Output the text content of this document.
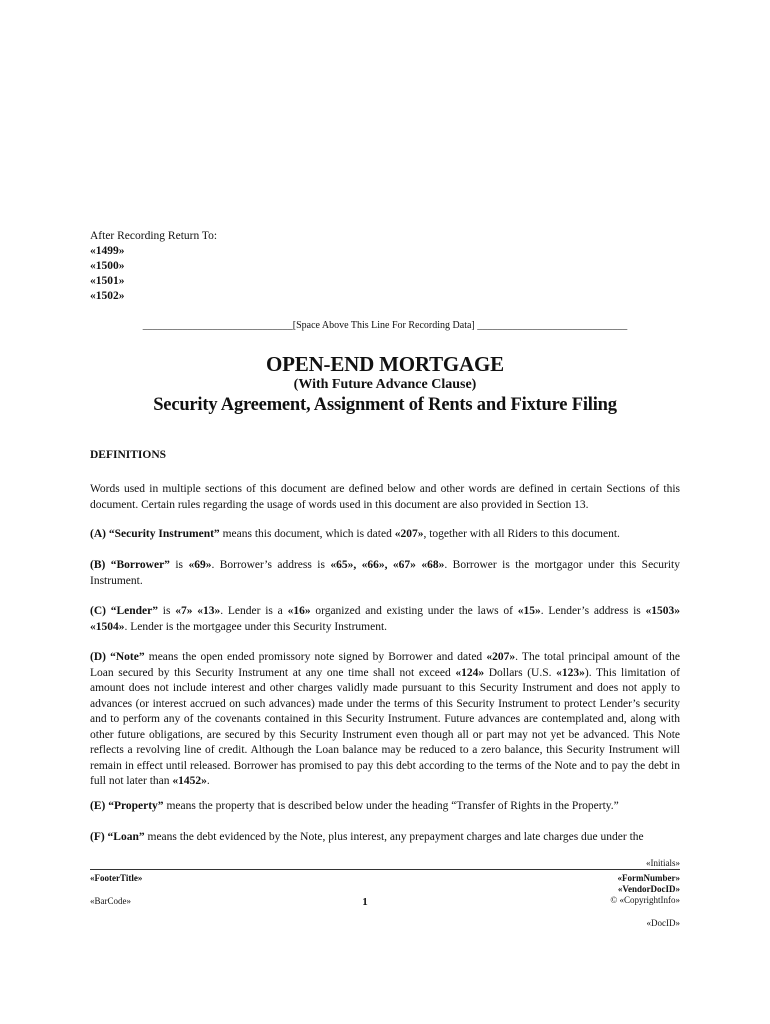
After Recording Return To:
«1499»
«1500»
«1501»
«1502»
______________________________[Space Above This Line For Recording Data] ______________________________
OPEN-END MORTGAGE
(With Future Advance Clause)
Security Agreement, Assignment of Rents and Fixture Filing
DEFINITIONS
Words used in multiple sections of this document are defined below and other words are defined in certain Sections of this document. Certain rules regarding the usage of words used in this document are also provided in Section 13.
(A) “Security Instrument” means this document, which is dated «207», together with all Riders to this document.
(B) “Borrower” is «69». Borrower’s address is «65», «66», «67» «68». Borrower is the mortgagor under this Security Instrument.
(C) “Lender” is «7» «13». Lender is a «16» organized and existing under the laws of «15». Lender’s address is «1503» «1504». Lender is the mortgagee under this Security Instrument.
(D) “Note” means the open ended promissory note signed by Borrower and dated «207». The total principal amount of the Loan secured by this Security Instrument at any one time shall not exceed «124» Dollars (U.S. «123»). This limitation of amount does not include interest and other charges validly made pursuant to this Security Instrument and does not apply to advances (or interest accrued on such advances) made under the terms of this Security Instrument to protect Lender’s security and to perform any of the covenants contained in this Security Instrument. Future advances are contemplated and, along with other future obligations, are secured by this Security Instrument even though all or part may not yet be advanced. This Note reflects a revolving line of credit. Although the Loan balance may be reduced to a zero balance, this Security Instrument will remain in effect until released. Borrower has promised to pay this debt according to the terms of the Note and to pay the debt in full not later than «1452».
(E) “Property” means the property that is described below under the heading “Transfer of Rights in the Property.”
(F) “Loan” means the debt evidenced by the Note, plus interest, any prepayment charges and late charges due under the
«Initials»
«FooterTitle»	«FormNumber»
«VendorDocID»
«BarCode»	1	© «CopyrightInfo»
«DocID»
